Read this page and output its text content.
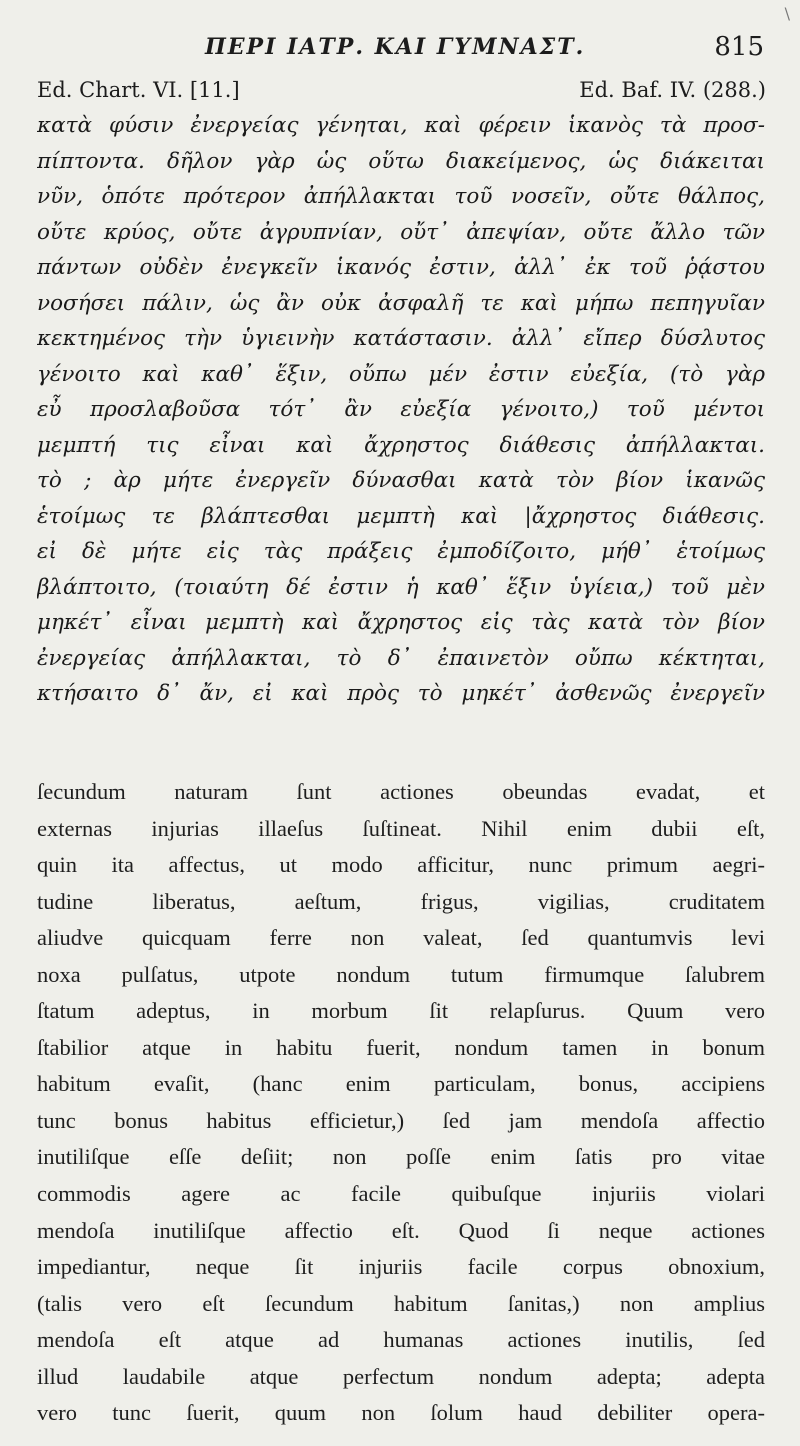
\
ΠΕΡΙ ΙΑΤΡ. ΚΑΙ ΓΥΜΝΑΣΤ.	815
Ed. Chart. VI. [11.]	Ed. Baf. IV. (288.)
κατὰ φύσιν ἐνεργείας γένηται, καὶ φέρειν ἱκανὸς τὰ προσ-
πίπτοντα. δῆλον γὰρ ὡς οὕτω διακείμενος, ὡς διάκειται
νῦν, ὁπότε πρότερον ἀπήλλακται τοῦ νοσεῖν, οὔτε θάλπος,
οὔτε κρύος, οὔτε ἀγρυπνίαν, οὔτ᾽ ἀπεψίαν, οὔτε ἄλλο τῶν
πάντων οὐδὲν ἐνεγκεῖν ἱκανός ἐστιν, ἀλλ᾽ ἐκ τοῦ ῥᾴστου
νοσήσει πάλιν, ὡς ἂν οὐκ ἀσφαλῆ τε καὶ μήπω πεπηγυῖαν
κεκτημένος τὴν ὑγιεινὴν κατάστασιν. ἀλλ᾽ εἴπερ δύσλυτος
γένοιτο καὶ καθ᾽ ἕξιν, οὔπω μέν ἐστιν εὐεξία, (τὸ γὰρ
εὖ προσλαβοῦσα τότ᾽ ἂν εὐεξία γένοιτο,) τοῦ μέντοι
μεμπτή τις εἶναι καὶ ἄχρηστος διάθεσις ἀπήλλακται.
τὸ ; ὰρ μήτε ἐνεργεῖν δύνασθαι κατὰ τὸν βίον ἱκανῶς
ἑτοίμως τε βλάπτεσθαι μεμπτὴ καὶ |ἄχρηστος διάθεσις.
εἰ δὲ μήτε εἰς τὰς πράξεις ἐμποδίζοιτο, μήθ᾽ ἑτοίμως
βλάπτοιτο, (τοιαύτη δέ ἐστιν ἡ καθ᾽ ἕξιν ὑγίεια,) τοῦ μὲν
μηκέτ᾽ εἶναι μεμπτὴ καὶ ἄχρηστος εἰς τὰς κατὰ τὸν βίον
ἐνεργείας ἀπήλλακται, τὸ δ᾽ ἐπαινετὸν οὔπω κέκτηται,
κτήσαιτο δ᾽ ἄν, εἰ καὶ πρὸς τὸ μηκέτ᾽ ἀσθενῶς ἐνεργεῖν
ſecundum naturam ſunt actiones obeundas evadat, et
externas injurias illaeſus ſuſtineat. Nihil enim dubii eſt,
quin ita affectus, ut modo afficitur, nunc primum aegri-
tudine liberatus, aeſtum, frigus, vigilias, cruditatem
aliudve quicquam ferre non valeat, ſed quantumvis levi
noxa pulſatus, utpote nondum tutum firmumque ſalubrem
ſtatum adeptus, in morbum ſit relapſurus. Quum vero
ſtabilior atque in habitu fuerit, nondum tamen in bonum
habitum evaſit, (hanc enim particulam, bonus, accipiens
tunc bonus habitus efficietur,) ſed jam mendoſa affectio
inutiliſque eſſe deſiit; non poſſe enim ſatis pro vitae
commodis agere ac facile quibuſque injuriis violari
mendoſa inutiliſque affectio eſt. Quod ſi neque actiones
impediantur, neque ſit injuriis facile corpus obnoxium,
(talis vero eſt ſecundum habitum ſanitas,) non amplius
mendoſa eſt atque ad humanas actiones inutilis, ſed
illud laudabile atque perfectum nondum adepta; adepta
vero tunc ſuerit, quum non ſolum haud debiliter opera-
